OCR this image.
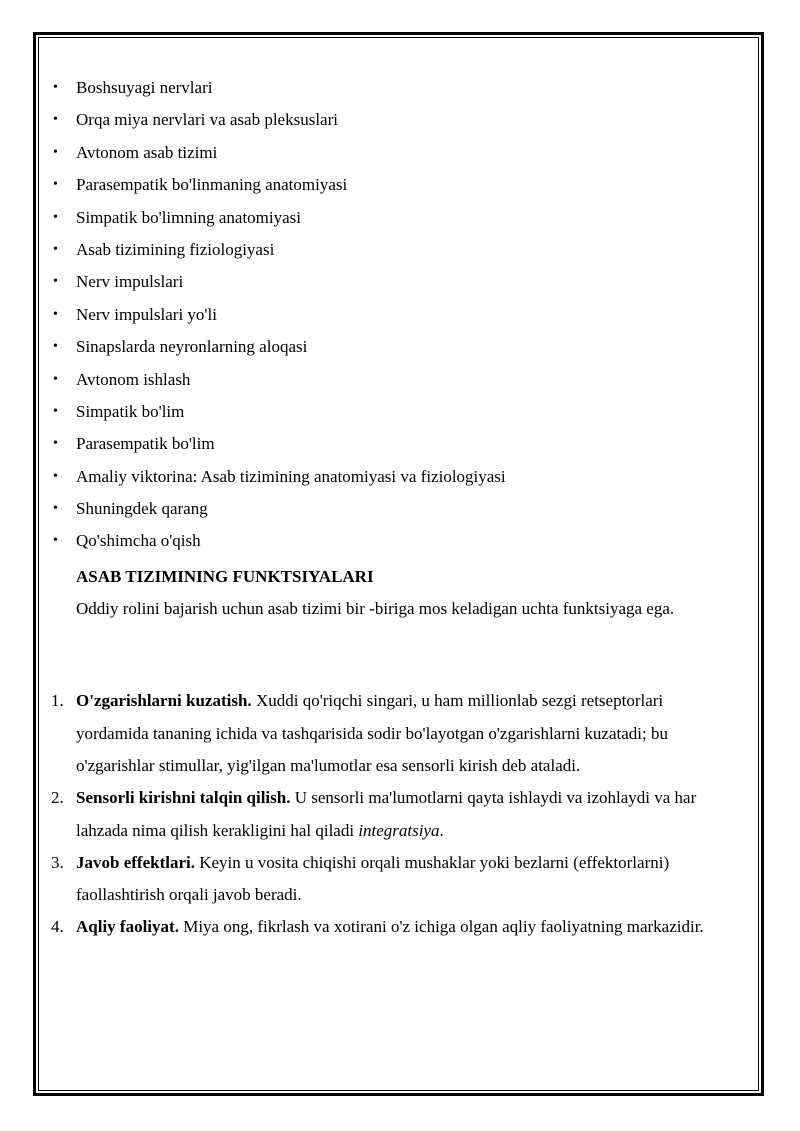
• Boshsuyagi nervlari
• Orqa miya nervlari va asab pleksuslari
• Avtonom asab tizimi
• Parasempatik bo'linmaning anatomiyasi
• Simpatik bo'limning anatomiyasi
• Asab tizimining fiziologiyasi
• Nerv impulslari
• Nerv impulslari yo'li
• Sinapslarda neyronlarning aloqasi
• Avtonom ishlash
• Simpatik bo'lim
• Parasempatik bo'lim
• Amaliy viktorina: Asab tizimining anatomiyasi va fiziologiyasi
• Shuningdek qarang
• Qo'shimcha o'qish
ASAB TIZIMINING FUNKTSIYALARI

Oddiy rolini bajarish uchun asab tizimi bir -biriga mos keladigan uchta funktsiyaga ega.

1. O'zgarishlarni kuzatish. Xuddi qo'riqchi singari, u ham millionlab sezgi retseptorlari yordamida tananing ichida va tashqarisida sodir bo'layotgan o'zgarishlarni kuzatadi; bu o'zgarishlar stimullar, yig'ilgan ma'lumotlar esa sensorli kirish deb ataladi.
2. Sensorli kirishni talqin qilish. U sensorli ma'lumotlarni qayta ishlaydi va izohlaydi va har lahzada nima qilish kerakligini hal qiladi integratsiya.
3. Javob effektlari. Keyin u vosita chiqishi orqali mushaklar yoki bezlarni (effektorlarni) faollashtirish orqali javob beradi.
4. Aqliy faoliyat. Miya ong, fikrlash va xotirani o'z ichiga olgan aqliy faoliyatning markazidir.
